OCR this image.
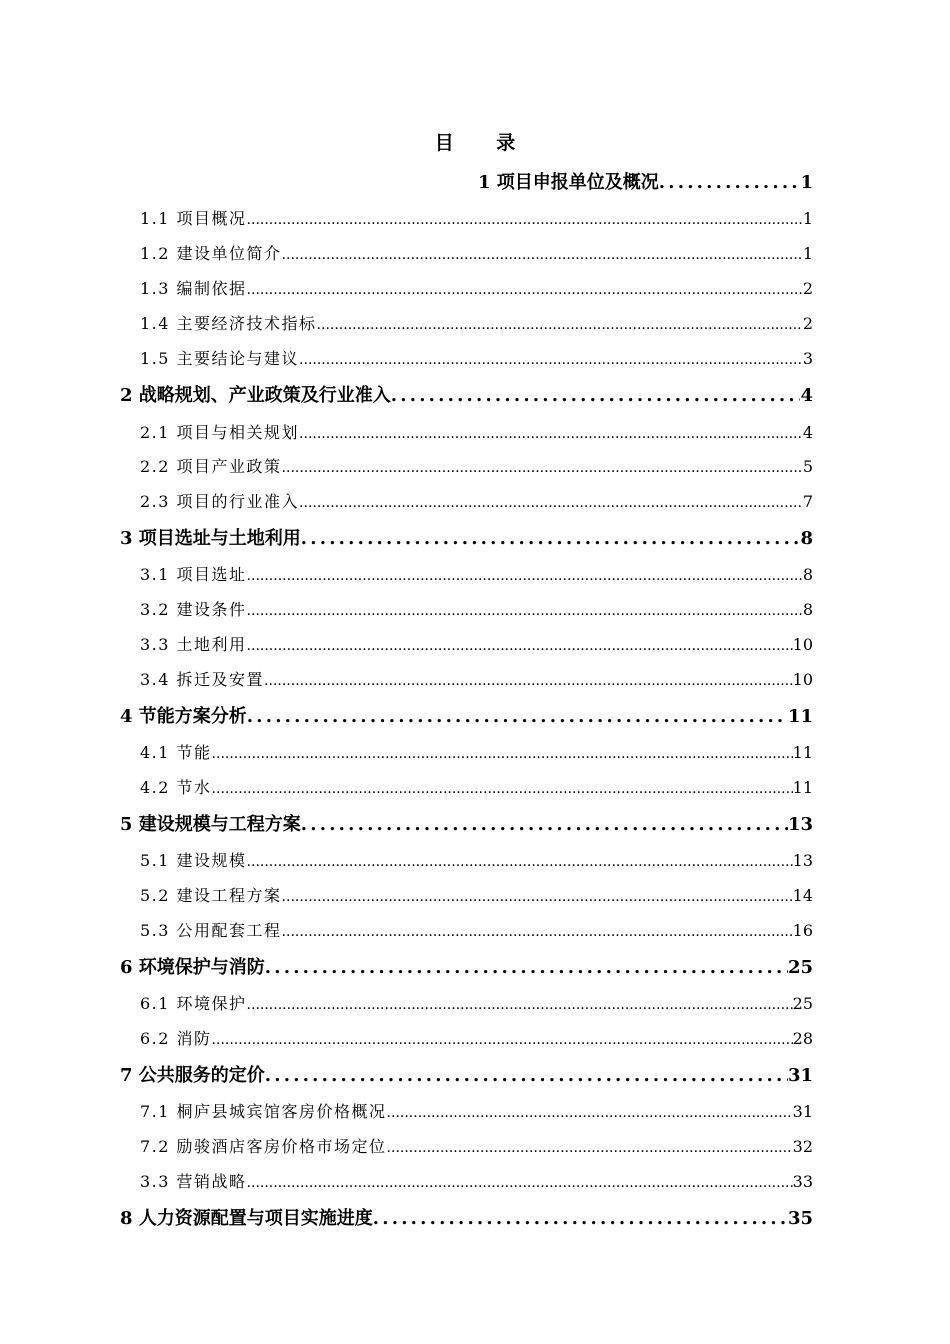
目 录
1 项目申报单位及概况 .....	1
1.1 项目概况 .....	1
1.2 建设单位简介 .....	1
1.3 编制依据 .....	2
1.4 主要经济技术指标 .....	2
1.5 主要结论与建议 .....	3
2 战略规划、产业政策及行业准入 .....	4
2.1 项目与相关规划 .....	4
2.2 项目产业政策 .....	5
2.3 项目的行业准入 .....	7
3 项目选址与土地利用 .....	8
3.1 项目选址 .....	8
3.2 建设条件 .....	8
3.3 土地利用 .....	10
3.4 拆迁及安置 .....	10
4 节能方案分析 .....	11
4.1 节能 .....	11
4.2 节水 .....	11
5 建设规模与工程方案 .....	13
5.1 建设规模 .....	13
5.2 建设工程方案 .....	14
5.3 公用配套工程 .....	16
6 环境保护与消防 .....	25
6.1 环境保护 .....	25
6.2 消防 .....	28
7 公共服务的定价 .....	31
7.1 桐庐县城宾馆客房价格概况 .....	31
7.2 励骏酒店客房价格市场定位 .....	32
3.3 营销战略 .....	33
8 人力资源配置与项目实施进度 .....	35
